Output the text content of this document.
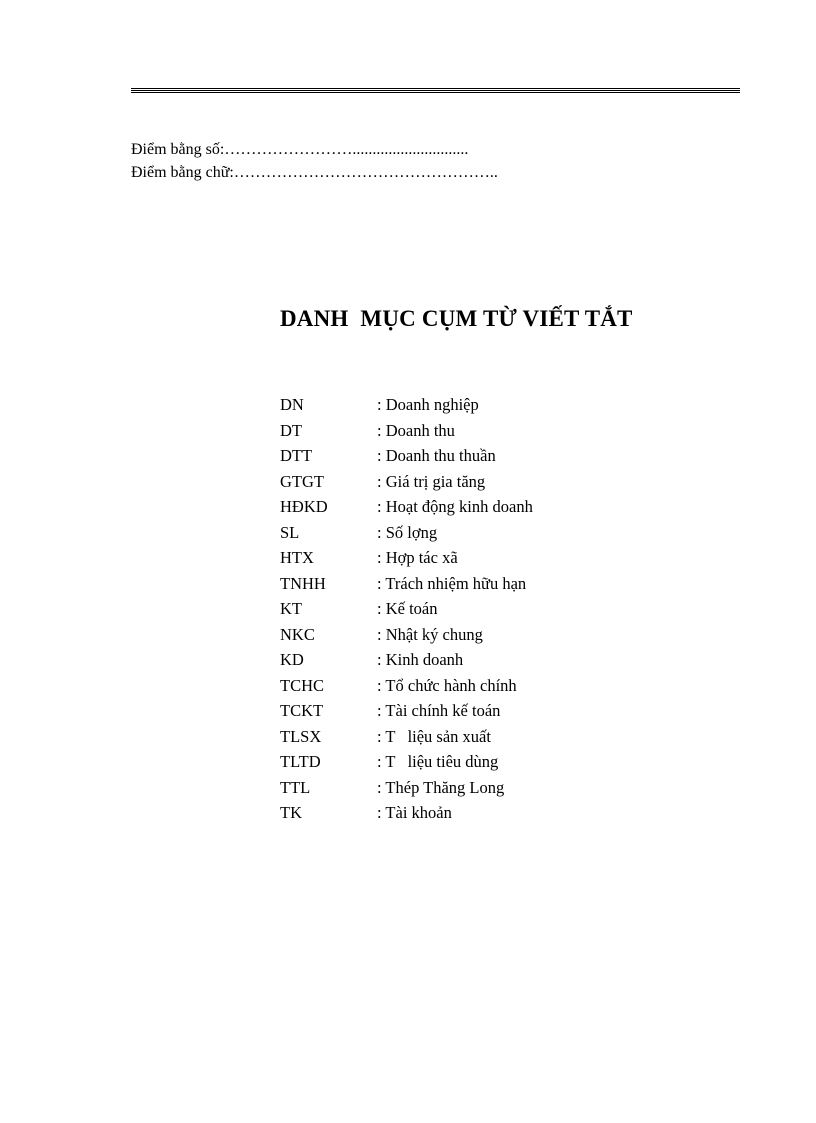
Điểm bằng số:…………………….............................
Điểm bằng chữ:…………………………………………..
DANH  MỤC CỤM TỪ VIẾT TẮT
DN	: Doanh nghiệp
DT	: Doanh thu
DTT	: Doanh thu thuần
GTGT	: Giá trị gia tăng
HĐKD	: Hoạt động kinh doanh
SL	: Số lợng
HTX	: Hợp tác xã
TNHH	: Trách nhiệm hữu hạn
KT	: Kế toán
NKC	: Nhật ký chung
KD	: Kinh doanh
TCHC	: Tổ chức hành chính
TCKT	: Tài chính kế toán
TLSX	: T   liệu sản xuất
TLTD	: T   liệu tiêu dùng
TTL	: Thép Thăng Long
TK	: Tài khoản
